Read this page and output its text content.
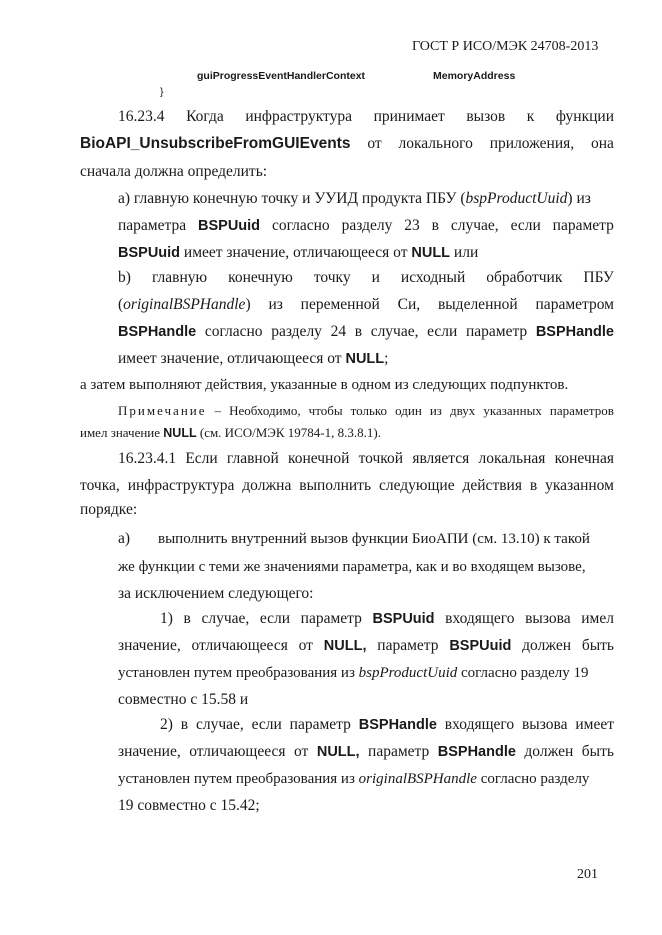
ГОСТ Р ИСО/МЭК 24708-2013
guiProgressEventHandlerContext	MemoryAddress
}
16.23.4 Когда инфраструктура принимает вызов к функции
BioAPI_UnsubscribeFromGUIEvents от локального приложения, она
сначала должна определить:
а) главную конечную точку и УУИД продукта ПБУ (bspProductUuid) из
параметра BSPUuid согласно разделу 23 в случае, если параметр
BSPUuid имеет значение, отличающееся от NULL или
b) главную конечную точку и исходный обработчик ПБУ
(originalBSPHandle) из переменной Си, выделенной параметром
BSPHandle согласно разделу 24 в случае, если параметр BSPHandle
имеет значение, отличающееся от NULL;
а затем выполняют действия, указанные в одном из следующих подпунктов.
Примечание – Необходимо, чтобы только один из двух указанных параметров
имел значение NULL (см. ИСО/МЭК 19784-1, 8.3.8.1).
16.23.4.1 Если главной конечной точкой является локальная конечная
точка, инфраструктура должна выполнить следующие действия в указанном
порядке:
а) выполнить внутренний вызов функции БиоАПИ (см. 13.10) к такой
же функции с теми же значениями параметра, как и во входящем вызове,
за исключением следующего:
1) в случае, если параметр BSPUuid входящего вызова имел
значение, отличающееся от NULL, параметр BSPUuid должен быть
установлен путем преобразования из bspProductUuid согласно разделу 19
совместно с 15.58 и
2) в случае, если параметр BSPHandle входящего вызова имеет
значение, отличающееся от NULL, параметр BSPHandle должен быть
установлен путем преобразования из originalBSPHandle согласно разделу
19 совместно с 15.42;
201
